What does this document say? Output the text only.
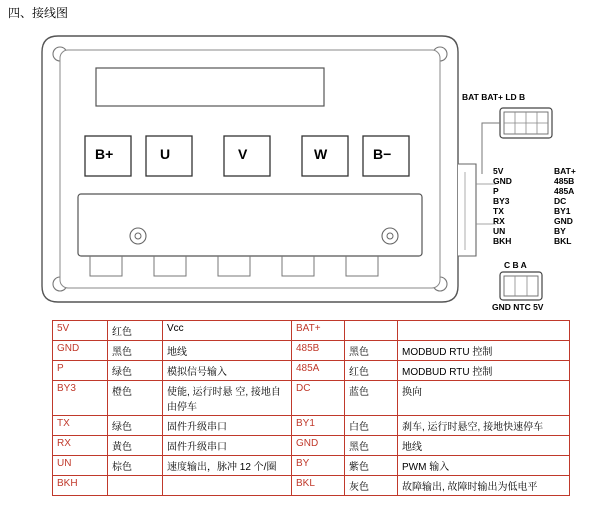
四、接线图
B+	U	V	W	B−
BAT BAT+ LD B
C B A
GND NTC 5V
5V
GND
P
BY3
TX
RX
UN
BKH
BAT+
485B
485A
DC
BY1
GND
BY
BKL
5V	红色	Vcc	BAT+		
GND	黑色	地线	485B	黑色	MODBUD RTU 控制
P	绿色	模拟信号输入	485A	红色	MODBUD RTU 控制
BY3	橙色	使能, 运行时悬 空, 接地自由停车	DC	蓝色	换向
TX	绿色	固件升级串口	BY1	白色	刹车, 运行时悬空, 接地快速停车
RX	黄色	固件升级串口	GND	黑色	地线
UN	棕色	速度输出，脉冲 12 个/圈	BY	紫色	PWM 输入
BKH			BKL	灰色	故障输出, 故障时输出为低电平
